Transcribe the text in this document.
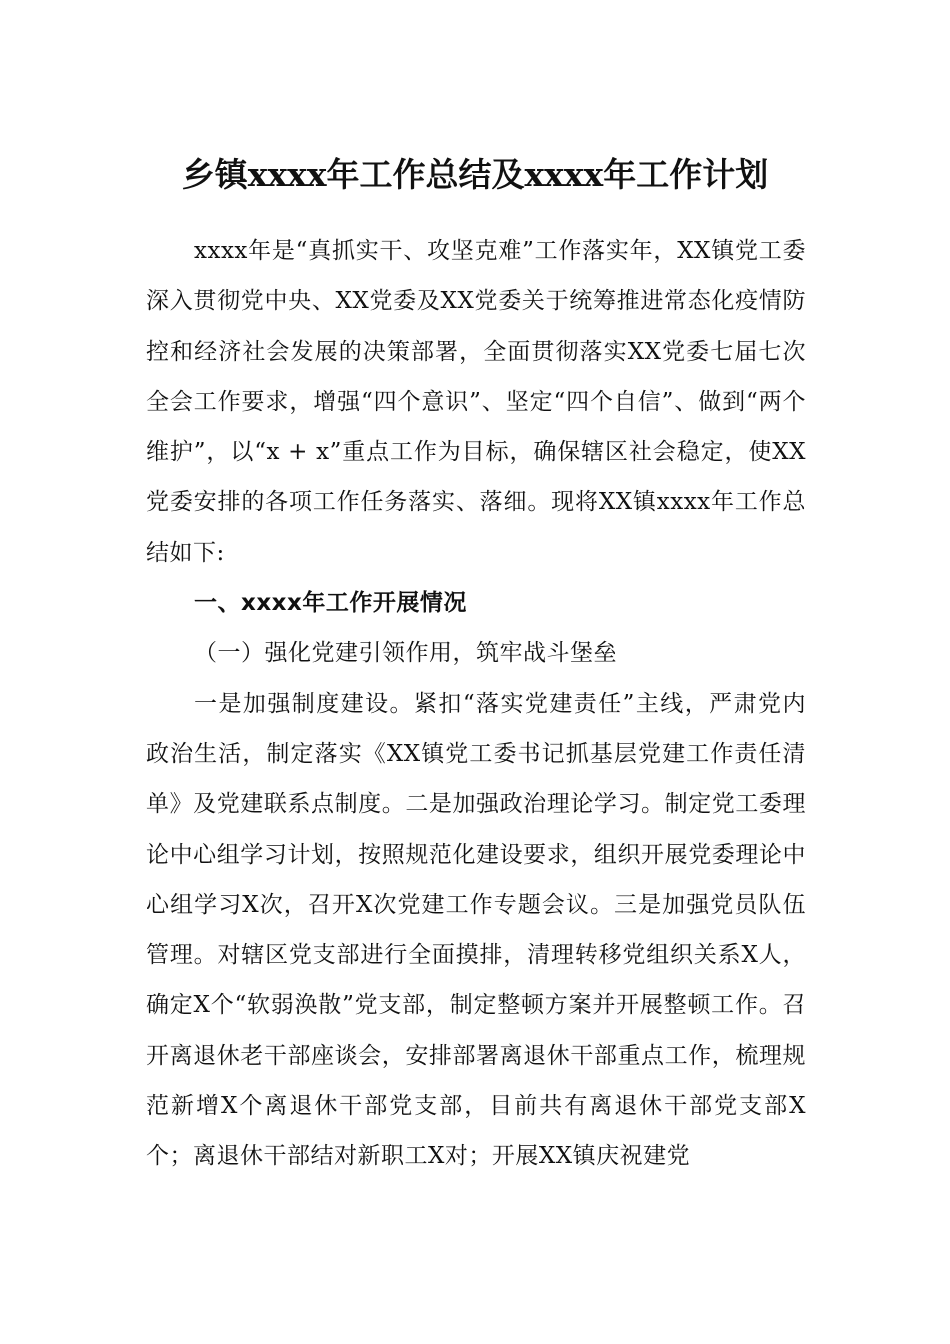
乡镇xxxx年工作总结及xxxx年工作计划

xxxx年是“真抓实干、攻坚克难”工作落实年，XX镇党工委深入贯彻党中央、XX党委及XX党委关于统筹推进常态化疫情防控和经济社会发展的决策部署，全面贯彻落实XX党委七届七次全会工作要求，增强“四个意识”、坚定“四个自信”、做到“两个维护”，以“x + x”重点工作为目标，确保辖区社会稳定，使XX党委安排的各项工作任务落实、落细。现将XX镇xxxx年工作总结如下:

一、xxxx年工作开展情况

（一）强化党建引领作用，筑牢战斗堡垒

一是加强制度建设。紧扣“落实党建责任”主线，严肃党内政治生活，制定落实《XX镇党工委书记抓基层党建工作责任清单》及党建联系点制度。二是加强政治理论学习。制定党工委理论中心组学习计划，按照规范化建设要求，组织开展党委理论中心组学习X次，召开X次党建工作专题会议。三是加强党员队伍管理。对辖区党支部进行全面摸排，清理转移党组织关系X人，确定X个“软弱涣散”党支部，制定整顿方案并开展整顿工作。召开离退休老干部座谈会，安排部署离退休干部重点工作，梳理规范新增X个离退休干部党支部，目前共有离退休干部党支部X个；离退休干部结对新职工X对；开展XX镇庆祝建党
